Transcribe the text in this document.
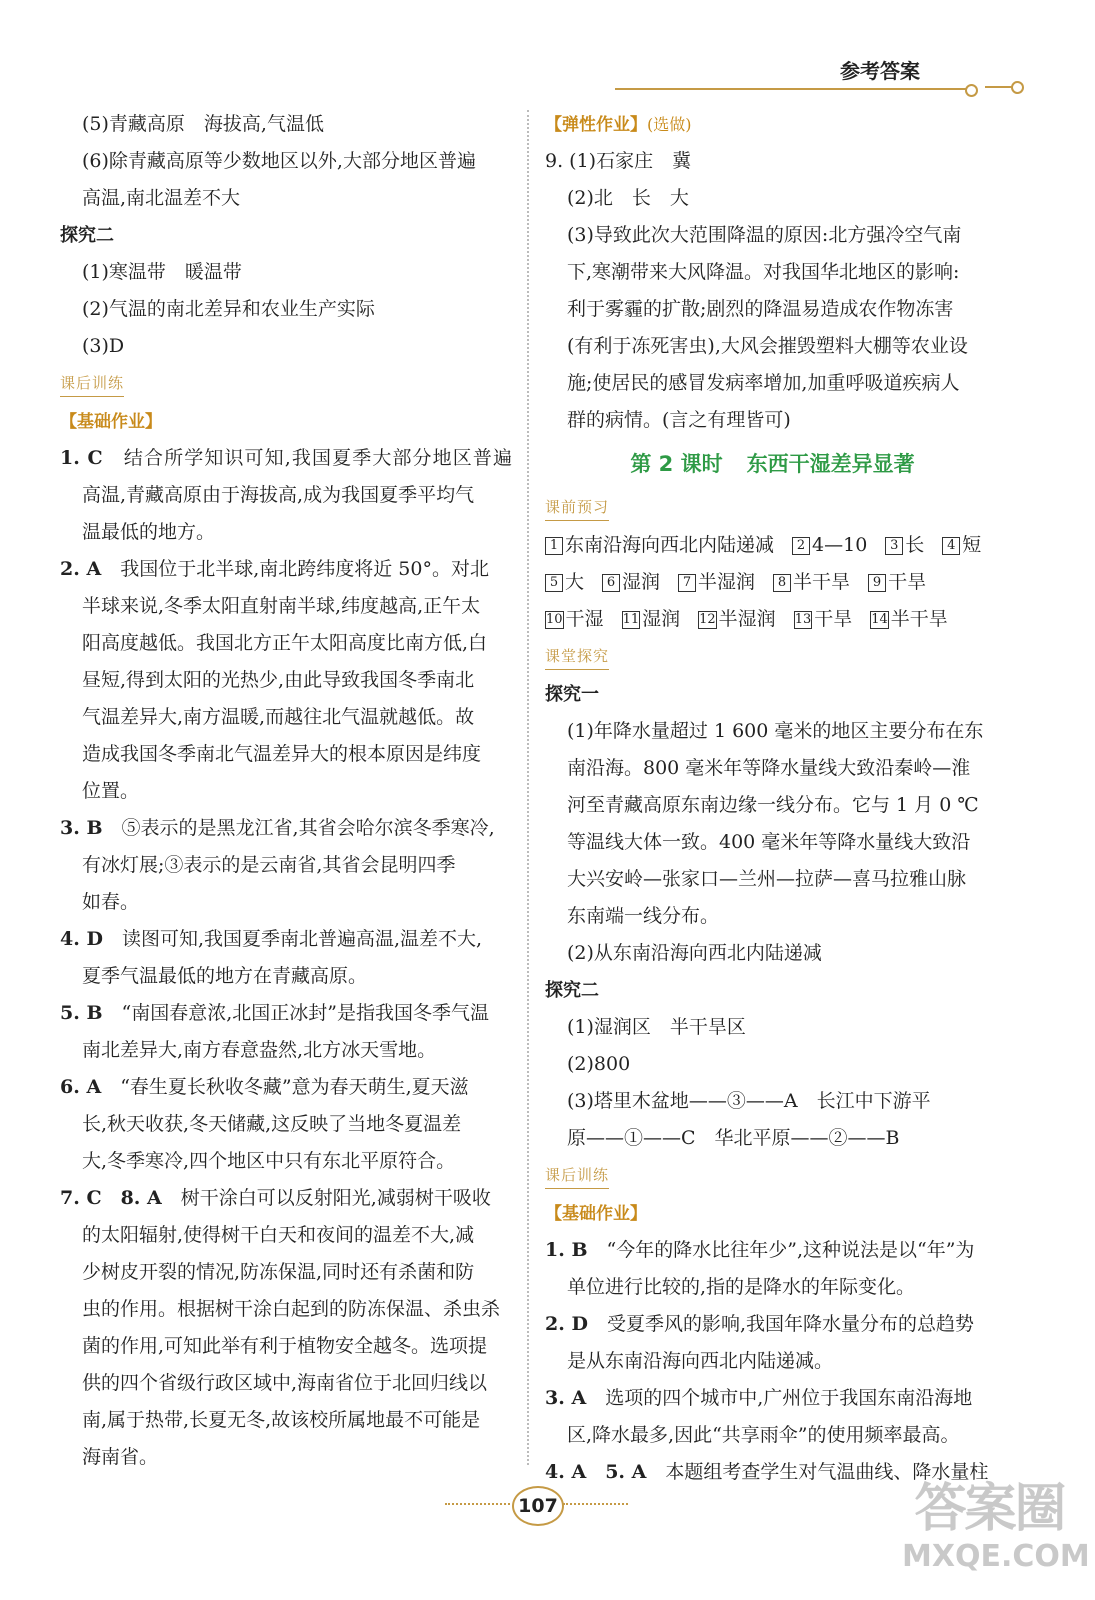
参考答案
(5)青藏高原　海拔高,气温低
(6)除青藏高原等少数地区以外,大部分地区普遍
高温,南北温差不大
探究二
(1)寒温带　暖温带
(2)气温的南北差异和农业生产实际
(3)D
课后训练
【基础作业】
1. C　 结合所学知识可知,我国夏季大部分地区普遍
高温,青藏高原由于海拔高,成为我国夏季平均气
温最低的地方。
2. A　 我国位于北半球,南北跨纬度将近 50°。对北
半球来说,冬季太阳直射南半球,纬度越高,正午太
阳高度越低。我国北方正午太阳高度比南方低,白
昼短,得到太阳的光热少,由此导致我国冬季南北
气温差异大,南方温暖,而越往北气温就越低。故
造成我国冬季南北气温差异大的根本原因是纬度
位置。
3. B　 ⑤表示的是黑龙江省,其省会哈尔滨冬季寒冷,
有冰灯展;③表示的是云南省,其省会昆明四季
如春。
4. D　 读图可知,我国夏季南北普遍高温,温差不大,
夏季气温最低的地方在青藏高原。
5. B　 “南国春意浓,北国正冰封”是指我国冬季气温
南北差异大,南方春意盎然,北方冰天雪地。
6. A　 “春生夏长秋收冬藏”意为春天萌生,夏天滋
长,秋天收获,冬天储藏,这反映了当地冬夏温差
大,冬季寒冷,四个地区中只有东北平原符合。
7. C　8. A　 树干涂白可以反射阳光,减弱树干吸收
的太阳辐射,使得树干白天和夜间的温差不大,减
少树皮开裂的情况,防冻保温,同时还有杀菌和防
虫的作用。根据树干涂白起到的防冻保温、杀虫杀
菌的作用,可知此举有利于植物安全越冬。选项提
供的四个省级行政区域中,海南省位于北回归线以
南,属于热带,长夏无冬,故该校所属地最不可能是
海南省。
【弹性作业】(选做)
9. (1)石家庄　冀
(2)北　长　大
(3)导致此次大范围降温的原因:北方强冷空气南
下,寒潮带来大风降温。对我国华北地区的影响:
利于雾霾的扩散;剧烈的降温易造成农作物冻害
(有利于冻死害虫),大风会摧毁塑料大棚等农业设
施;使居民的感冒发病率增加,加重呼吸道疾病人
群的病情。(言之有理皆可)
第 2 课时 东西干湿差异显著
课前预习
1 东南沿海向西北内陆递减 2 4—10 3 长 4 短
5 大 6 湿润 7 半湿润 8 半干旱 9 干旱
10 干湿 11 湿润 12 半湿润 13 干旱 14 半干旱
课堂探究
探究一
(1)年降水量超过 1 600 毫米的地区主要分布在东
南沿海。800 毫米年等降水量线大致沿秦岭—淮
河至青藏高原东南边缘一线分布。它与 1 月 0 ℃
等温线大体一致。400 毫米年等降水量线大致沿
大兴安岭—张家口—兰州—拉萨—喜马拉雅山脉
东南端一线分布。
(2)从东南沿海向西北内陆递减
探究二
(1)湿润区　半干旱区
(2)800
(3)塔里木盆地——③——A　长江中下游平
原——①——C　华北平原——②——B
课后训练
【基础作业】
1. B　 “今年的降水比往年少”,这种说法是以“年”为
单位进行比较的,指的是降水的年际变化。
2. D　 受夏季风的影响,我国年降水量分布的总趋势
是从东南沿海向西北内陆递减。
3. A　 选项的四个城市中,广州位于我国东南沿海地
区,降水最多,因此“共享雨伞”的使用频率最高。
4. A　5. A　 本题组考查学生对气温曲线、降水量柱
107	答案圈
MXQE.COM
